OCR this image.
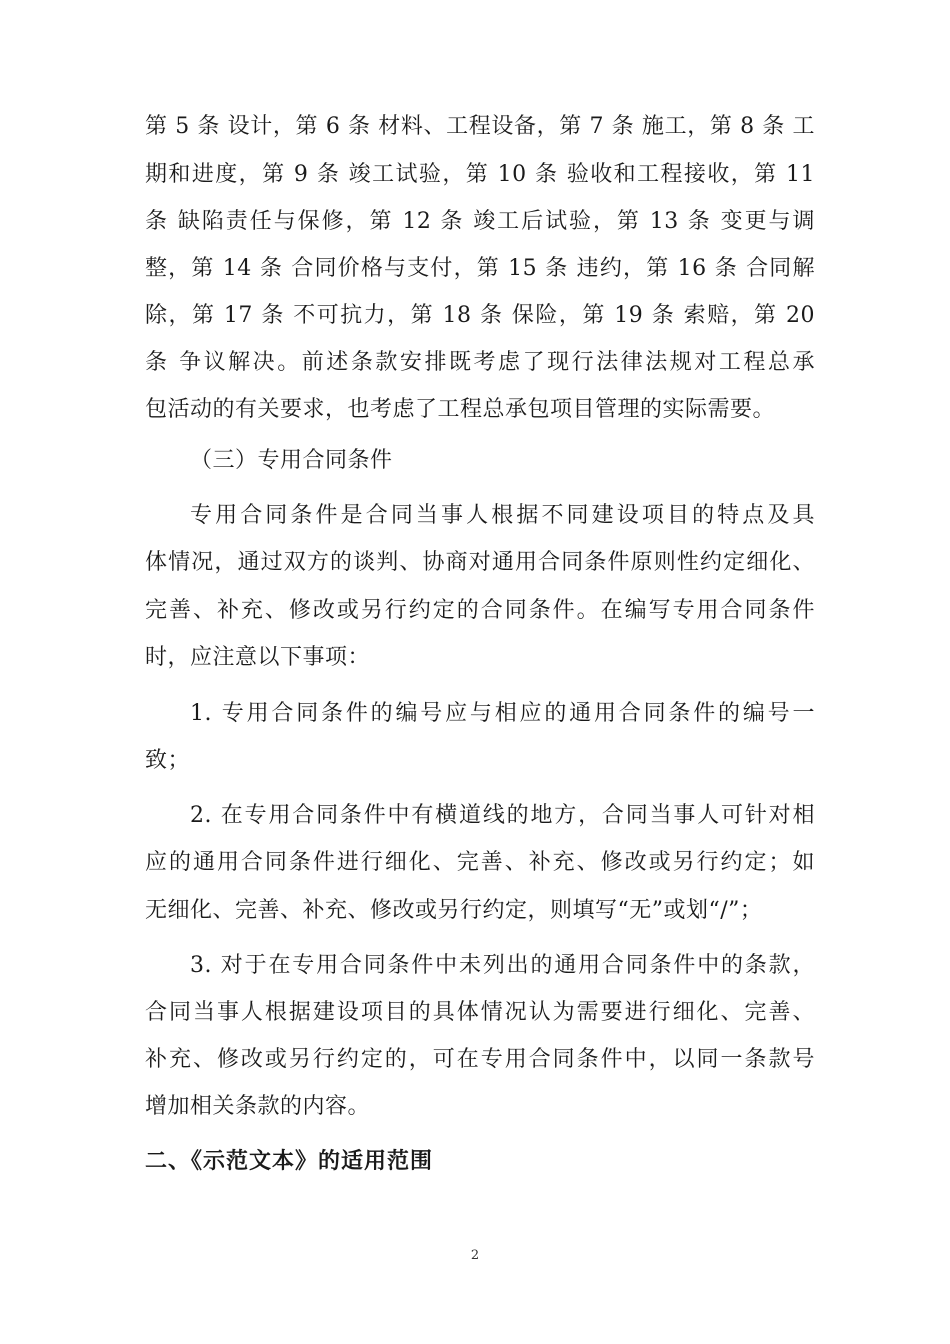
第 5 条 设计，第 6 条 材料、工程设备，第 7 条 施工，第 8 条 工
期和进度，第 9 条 竣工试验，第 10 条 验收和工程接收，第 11
条 缺陷责任与保修，第 12 条 竣工后试验，第 13 条 变更与调
整，第 14 条 合同价格与支付，第 15 条 违约，第 16 条 合同解
除，第 17 条 不可抗力，第 18 条 保险，第 19 条 索赔，第 20
条 争议解决。前述条款安排既考虑了现行法律法规对工程总承
包活动的有关要求，也考虑了工程总承包项目管理的实际需要。
（三）专用合同条件
专用合同条件是合同当事人根据不同建设项目的特点及具
体情况，通过双方的谈判、协商对通用合同条件原则性约定细化、
完善、补充、修改或另行约定的合同条件。在编写专用合同条件
时，应注意以下事项：
1. 专用合同条件的编号应与相应的通用合同条件的编号一
致；
2. 在专用合同条件中有横道线的地方，合同当事人可针对相
应的通用合同条件进行细化、完善、补充、修改或另行约定；如
无细化、完善、补充、修改或另行约定，则填写“无”或划“/”；
3. 对于在专用合同条件中未列出的通用合同条件中的条款，
合同当事人根据建设项目的具体情况认为需要进行细化、完善、
补充、修改或另行约定的，可在专用合同条件中，以同一条款号
增加相关条款的内容。
二、《示范文本》的适用范围
2
